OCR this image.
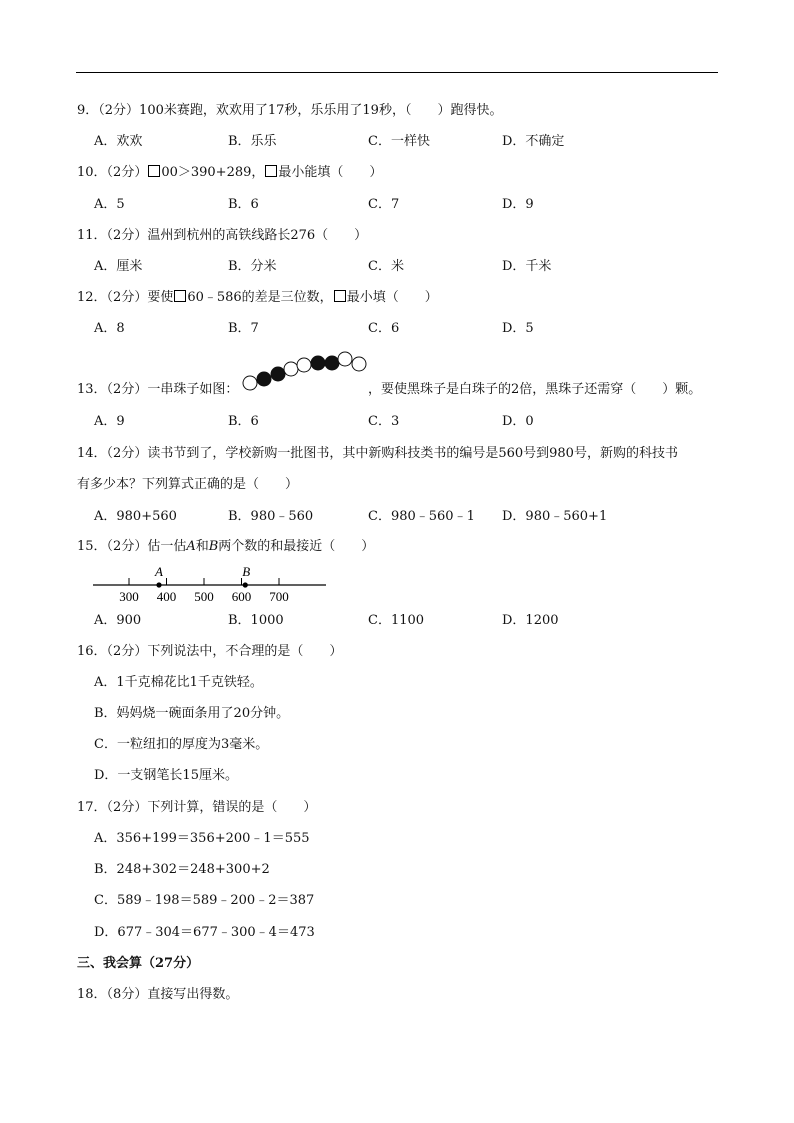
9．（2分）100米赛跑，欢欢用了17秒，乐乐用了19秒，（　　）跑得快。
A．欢欢	B．乐乐	C．一样快	D．不确定
10．（2分） 00＞390+289， 最小能填（　　）
A．5	B．6	C．7	D．9
11．（2分）温州到杭州的高铁线路长276（　　）
A．厘米	B．分米	C．米	D．千米
12．（2分）要使 60﹣586的差是三位数， 最小填（　　）
A．8	B．7	C．6	D．5
13．（2分）一串珠子如图：	，要使黑珠子是白珠子的2倍，黑珠子还需穿（　　）颗。
A．9	B．6	C．3	D．0
14．（2分）读书节到了，学校新购一批图书，其中新购科技类书的编号是560号到980号，新购的科技书
有多少本？下列算式正确的是（　　）
A．980+560	B．980﹣560	C．980﹣560﹣1 D．980﹣560+1
15．（2分）估一估A和B两个数的和最接近（　　）
300 400 500 600 700
A	B
A．900	B．1000	C．1100	D．1200
16．（2分）下列说法中，不合理的是（　　）
A．1千克棉花比1千克铁轻。
B．妈妈烧一碗面条用了20分钟。
C．一粒纽扣的厚度为3毫米。
D．一支钢笔长15厘米。
17．（2分）下列计算，错误的是（　　）
A．356+199＝356+200﹣1＝555
B．248+302＝248+300+2
C．589﹣198＝589﹣200﹣2＝387
D．677﹣304＝677﹣300﹣4＝473
三、我会算（27分）
18．（8分）直接写出得数。
